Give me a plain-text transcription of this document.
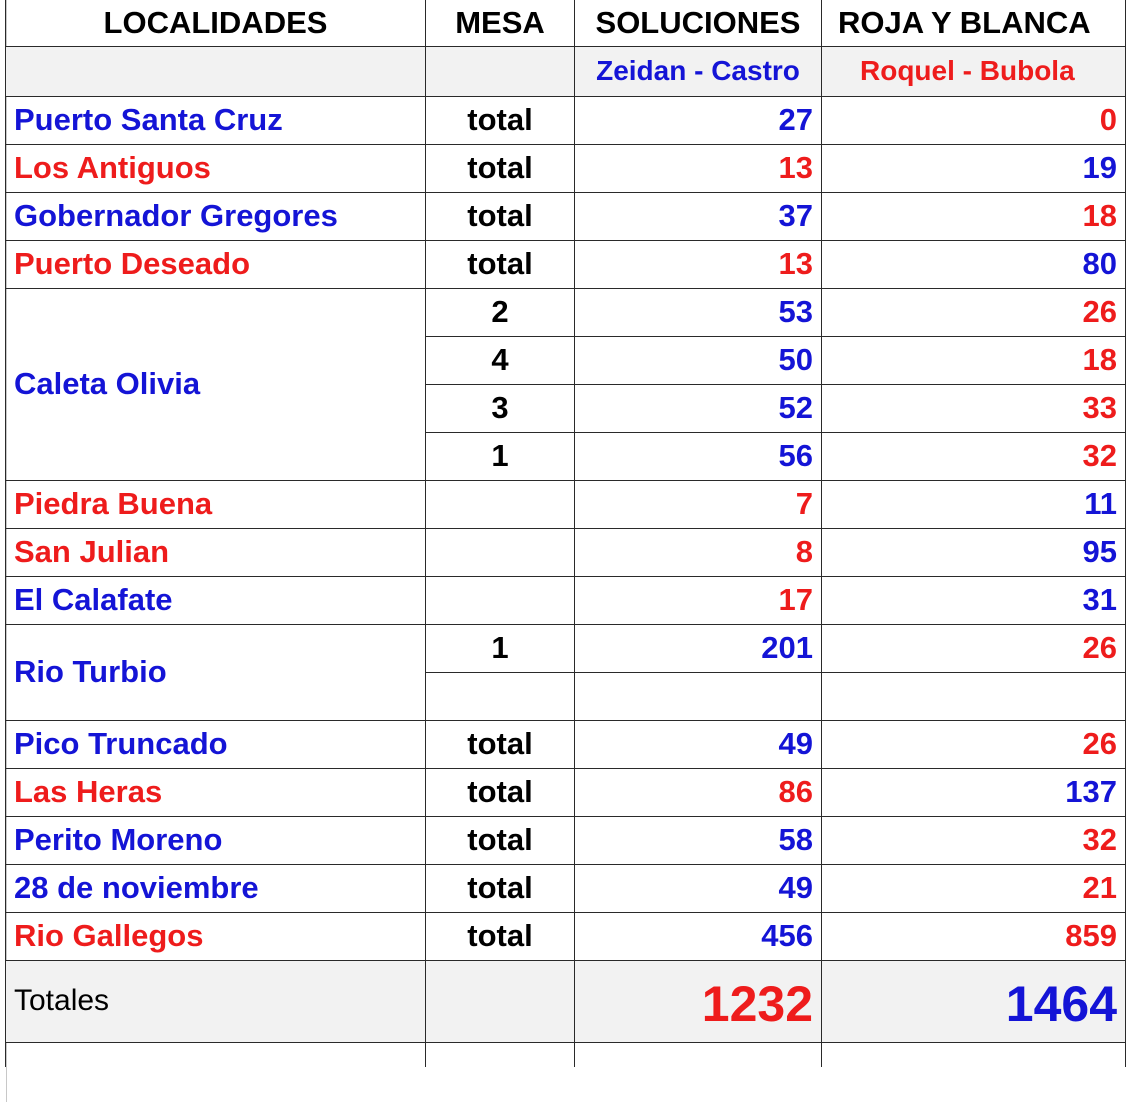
LOCALIDADES	MESA	SOLUCIONES	ROJA Y BLANCA
		Zeidan - Castro	Roquel - Bubola
Puerto Santa Cruz	total	27	0
Los Antiguos	total	13	19
Gobernador Gregores	total	37	18
Puerto Deseado	total	13	80
Caleta Olivia	2	53	26
	4	50	18
	3	52	33
	1	56	32
Piedra Buena		7	11
San Julian		8	95
El Calafate		17	31
Rio Turbio	1	201	26

Pico Truncado	total	49	26
Las Heras	total	86	137
Perito Moreno	total	58	32
28 de noviembre	total	49	21
Rio Gallegos	total	456	859
Totales		1232	1464
